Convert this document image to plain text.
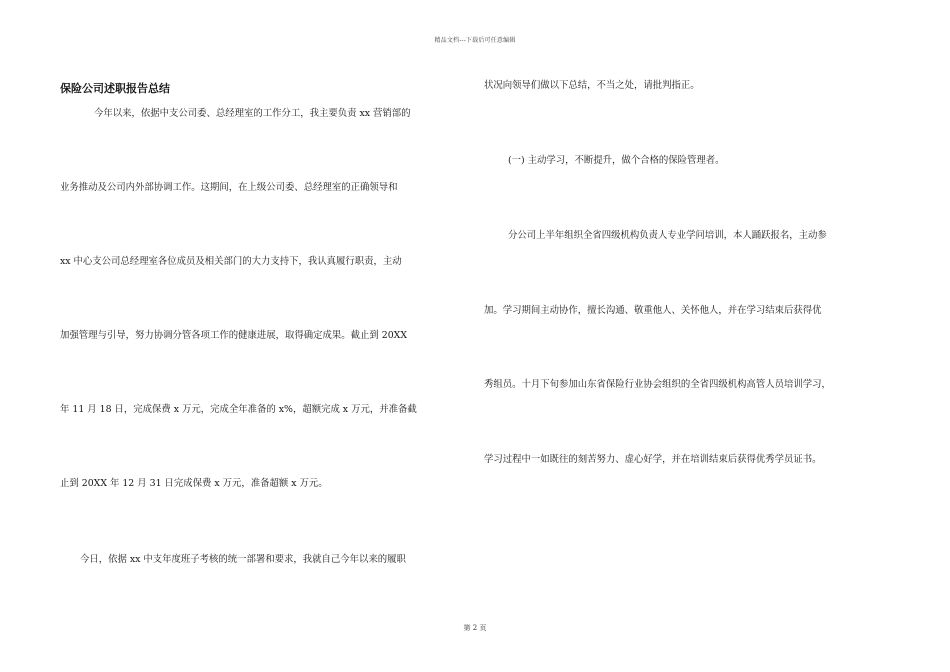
精品文档---下载后可任意编辑
保险公司述职报告总结

今年以来，依据中支公司委、总经理室的工作分工，我主要负责 xx 营销部的

业务推动及公司内外部协调工作。这期间，在上级公司委、总经理室的正确领导和

xx 中心支公司总经理室各位成员及相关部门的大力支持下，我认真履行职责，主动

加强管理与引导，努力协调分管各项工作的健康进展，取得确定成果。截止到 20XX

年 11 月 18 日，完成保费 x 万元，完成全年准备的 x%，超额完成 x 万元，并准备截

止到 20XX 年 12 月 31 日完成保费 x 万元，准备超额 x 万元。

今日，依据 xx 中支年度班子考核的统一部署和要求，我就自己今年以来的履职

状况向领导们做以下总结，不当之处，请批判指正。

(一) 主动学习，不断提升，做个合格的保险管理者。

分公司上半年组织全省四级机构负责人专业学问培训，本人踊跃报名，主动参

加。学习期间主动协作，擅长沟通、敬重他人、关怀他人，并在学习结束后获得优

秀组员。十月下旬参加山东省保险行业协会组织的全省四级机构高管人员培训学习，

学习过程中一如既往的刻苦努力、虚心好学，并在培训结束后获得优秀学员证书。

第 2 页
